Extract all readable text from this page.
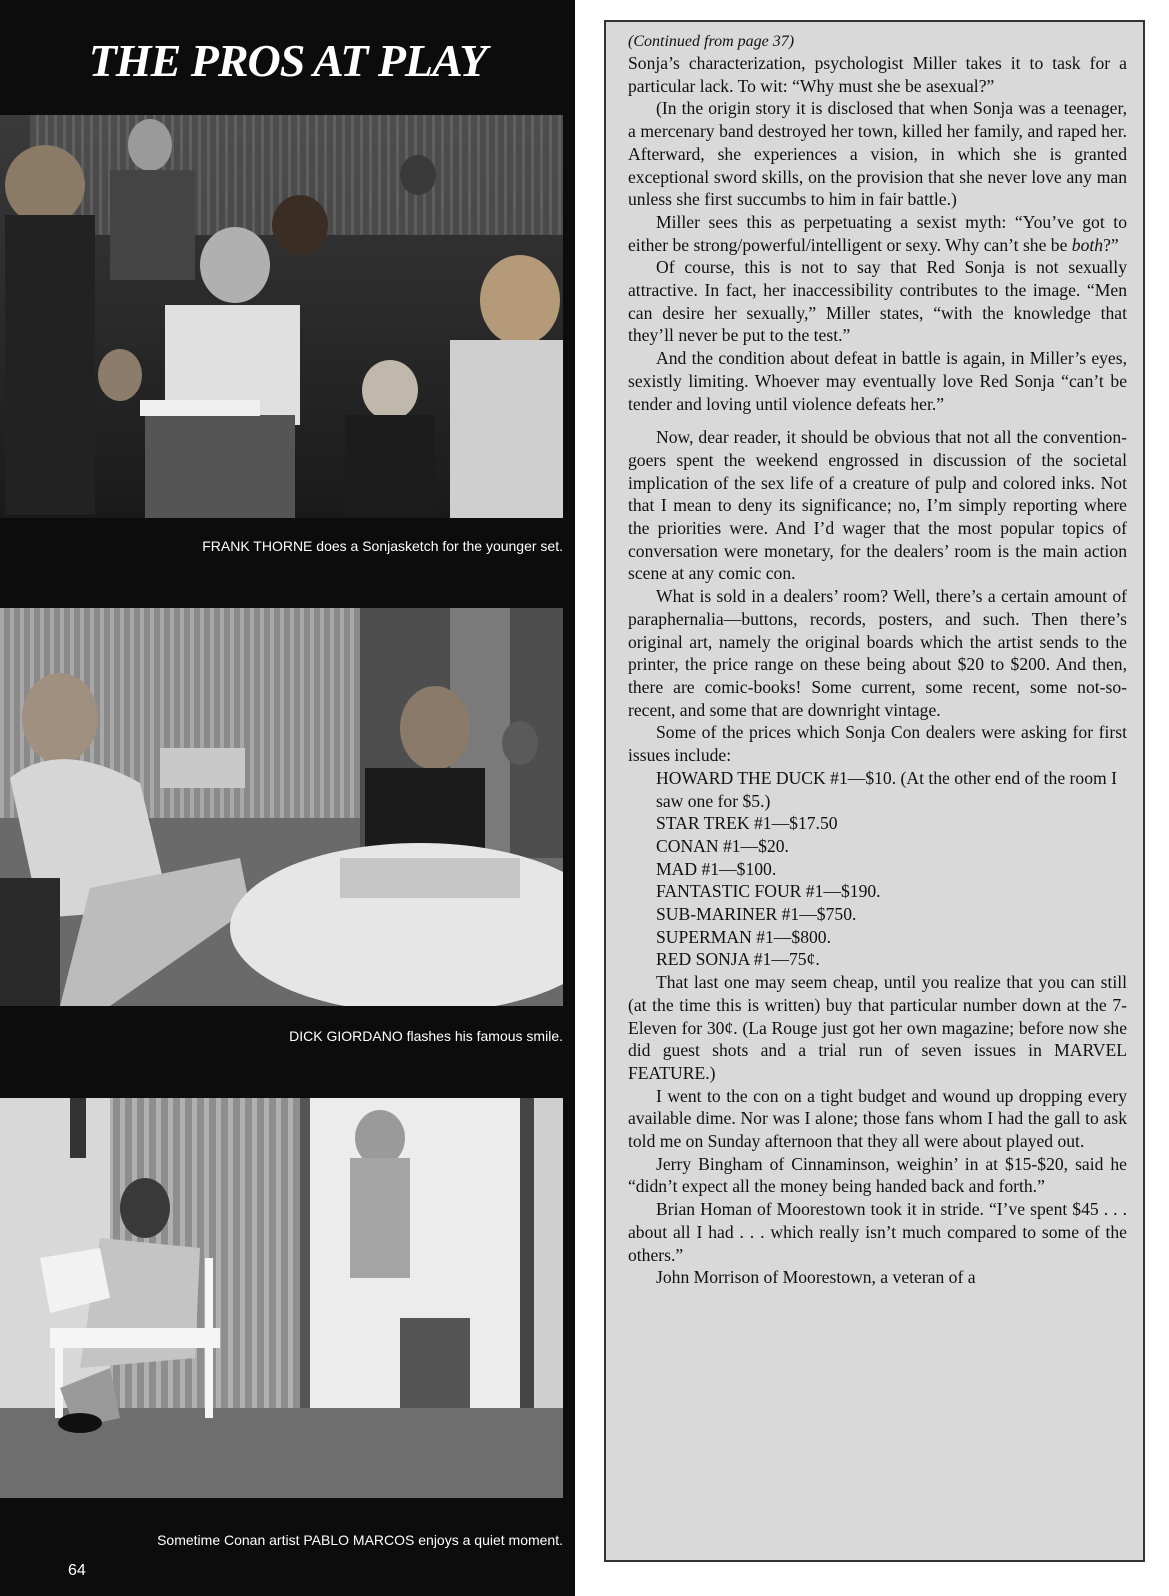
THE PROS AT PLAY
FRANK THORNE does a Sonjasketch for the younger set.
DICK GIORDANO flashes his famous smile.
Sometime Conan artist PABLO MARCOS enjoys a quiet moment.
64

(Continued from page 37)

Sonja’s characterization, psychologist Miller takes it to task for a particular lack. To wit: “Why must she be asexual?”

(In the origin story it is disclosed that when Sonja was a teenager, a mercenary band destroyed her town, killed her family, and raped her. Afterward, she experiences a vision, in which she is granted exceptional sword skills, on the provision that she never love any man unless she first succumbs to him in fair battle.)

Miller sees this as perpetuating a sexist myth: “You’ve got to either be strong/powerful/intelligent or sexy. Why can’t she be both?”

Of course, this is not to say that Red Sonja is not sexually attractive. In fact, her inaccessibility contributes to the image. “Men can desire her sexually,” Miller states, “with the knowledge that they’ll never be put to the test.”

And the condition about defeat in battle is again, in Miller’s eyes, sexistly limiting. Whoever may eventually love Red Sonja “can’t be tender and loving until violence defeats her.”

Now, dear reader, it should be obvious that not all the convention-goers spent the weekend engrossed in discussion of the societal implication of the sex life of a creature of pulp and colored inks. Not that I mean to deny its significance; no, I’m simply reporting where the priorities were. And I’d wager that the most popular topics of conversation were monetary, for the dealers’ room is the main action scene at any comic con.

What is sold in a dealers’ room? Well, there’s a certain amount of paraphernalia—buttons, records, posters, and such. Then there’s original art, namely the original boards which the artist sends to the printer, the price range on these being about $20 to $200. And then, there are comic-books! Some current, some recent, some not-so-recent, and some that are downright vintage.

Some of the prices which Sonja Con dealers were asking for first issues include:

HOWARD THE DUCK #1—$10. (At the other end of the room I saw one for $5.)

STAR TREK #1—$17.50

CONAN #1—$20.

MAD #1—$100.

FANTASTIC FOUR #1—$190.

SUB-MARINER #1—$750.

SUPERMAN #1—$800.

RED SONJA #1—75¢.

That last one may seem cheap, until you realize that you can still (at the time this is written) buy that particular number down at the 7-Eleven for 30¢. (La Rouge just got her own magazine; before now she did guest shots and a trial run of seven issues in MARVEL FEATURE.)

I went to the con on a tight budget and wound up dropping every available dime. Nor was I alone; those fans whom I had the gall to ask told me on Sunday afternoon that they all were about played out.

Jerry Bingham of Cinnaminson, weighin’ in at $15-$20, said he “didn’t expect all the money being handed back and forth.”

Brian Homan of Moorestown took it in stride. “I’ve spent $45 . . . about all I had . . . which really isn’t much compared to some of the others.”

John Morrison of Moorestown, a veteran of a
